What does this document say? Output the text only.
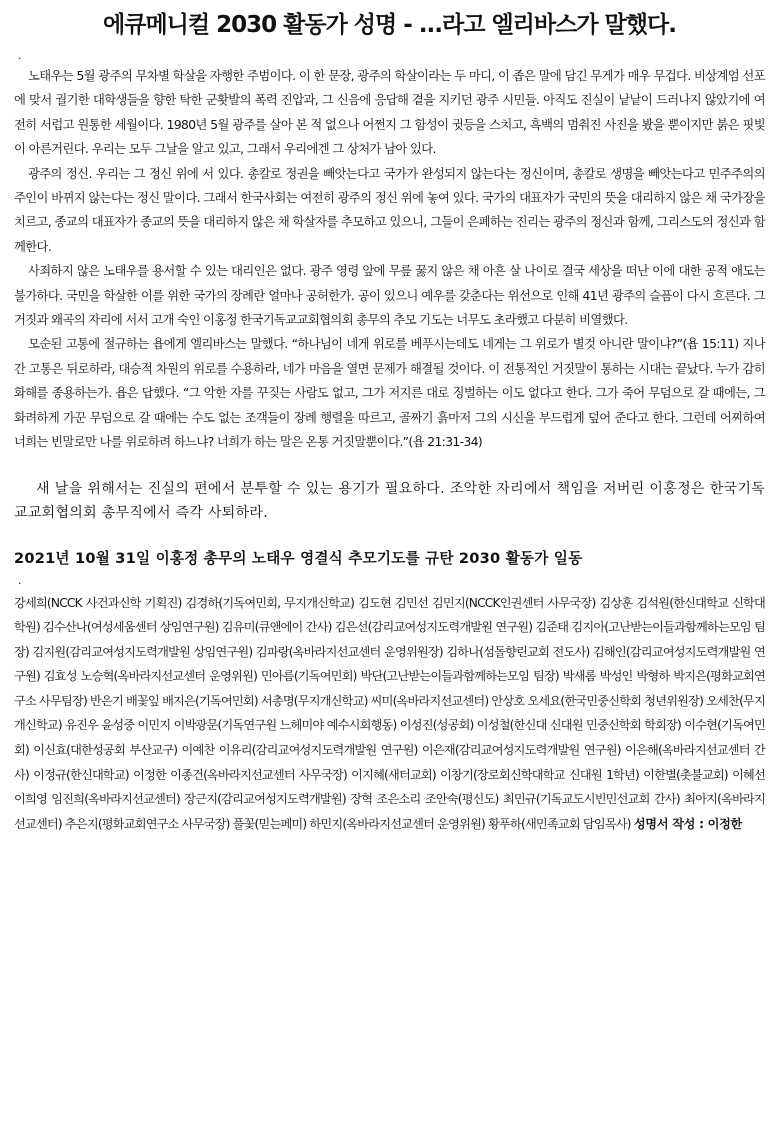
에큐메니컬 2030 활동가 성명 - ...라고 엘리바스가 말했다.
.

노태우는 5월 광주의 무차별 학살을 자행한 주범이다. 이 한 문장, 광주의 학살이라는 두 마디, 이 좁은 말에 담긴 무게가 매우 무겁다. 비상계엄 선포에 맞서 궐기한 대학생들을 향한 탁한 군홧발의 폭력 진압과, 그 신음에 응답해 곁을 지키던 광주 시민들. 아직도 진실이 낱낱이 드러나지 않았기에 여전히 서럽고 원통한 세월이다. 1980년 5월 광주를 살아 본 적 없으나 어쩐지 그 함성이 귓등을 스치고, 흑백의 멈춰진 사진을 봤을 뿐이지만 붉은 핏빛이 아른거린다. 우리는 모두 그날을 알고 있고, 그래서 우리에겐 그 상처가 남아 있다.

광주의 정신. 우리는 그 정신 위에 서 있다. 총칼로 정권을 빼앗는다고 국가가 완성되지 않는다는 정신이며, 총칼로 생명을 빼앗는다고 민주주의의 주인이 바뀌지 않는다는 정신 말이다. 그래서 한국사회는 여전히 광주의 정신 위에 놓여 있다. 국가의 대표자가 국민의 뜻을 대리하지 않은 채 국가장을 치르고, 종교의 대표자가 종교의 뜻을 대리하지 않은 채 학살자를 추모하고 있으니, 그들이 은폐하는 진리는 광주의 정신과 함께, 그리스도의 정신과 함께한다.

사죄하지 않은 노태우를 용서할 수 있는 대리인은 없다. 광주 영령 앞에 무릎 꿇지 않은 채 아흔 살 나이로 결국 세상을 떠난 이에 대한 공적 애도는 불가하다. 국민을 학살한 이를 위한 국가의 장례란 얼마나 공허한가. 공이 있으니 예우를 갖춘다는 위선으로 인해 41년 광주의 슬픔이 다시 흐른다. 그 거짓과 왜곡의 자리에 서서 고개 숙인 이홍정 한국기독교교회협의회 총무의 추모 기도는 너무도 초라했고 다분히 비열했다.

모순된 고통에 절규하는 욥에게 엘리바스는 말했다. “하나님이 네게 위로를 베푸시는데도 네게는 그 위로가 별것 아니란 말이냐?”(욥 15:11) 지나간 고통은 뒤로하라, 대승적 차원의 위로를 수용하라, 네가 마음을 열면 문제가 해결될 것이다. 이 전통적인 거짓말이 통하는 시대는 끝났다. 누가 감히 화해를 종용하는가. 욥은 답했다. “그 악한 자를 꾸짖는 사람도 없고, 그가 저지른 대로 징벌하는 이도 없다고 한다. 그가 죽어 무덤으로 갈 때에는, 그 화려하게 가꾼 무덤으로 갈 때에는 수도 없는 조객들이 장례 행렬을 따르고, 골짜기 흙마저 그의 시신을 부드럽게 덮어 준다고 한다. 그런데 어찌하여 너희는 빈말로만 나를 위로하려 하느냐? 너희가 하는 말은 온통 거짓말뿐이다.”(욥 21:31-34)

새 날을 위해서는 진실의 편에서 분투할 수 있는 용기가 필요하다. 조악한 자리에서 책임을 저버린 이홍정은 한국기독교교회협의회 총무직에서 즉각 사퇴하라.

2021년 10월 31일 이홍정 총무의 노태우 영결식 추모기도를 규탄 2030 활동가 일동
.

강세희(NCCK 사건과신학 기획진) 김경하(기독여민회, 무지개신학교) 김도현 김민선 김민지(NCCK인권센터 사무국장) 김상훈 김석원(한신대학교 신학대학원) 김수산나(여성세움센터 상임연구원) 김유미(큐앤에이 간사) 김은선(감리교여성지도력개발원 연구원) 김준태 김지아(고난받는이들과함께하는모임 팀장) 김지원(감리교여성지도력개발원 상임연구원) 김파랑(옥바라지선교센터 운영위원장) 김하나(섬돌향린교회 전도사) 김해인(감리교여성지도력개발원 연구원) 김효성 노승혁(옥바라지선교센터 운영위원) 민아름(기독여민회) 박단(고난받는이들과함께하는모임 팀장) 박새롬 박성인 박형하 박지은(평화교회연구소 사무팀장) 반은기 배꽃잎 배지은(기독여민회) 서총명(무지개신학교) 씨미(옥바라지선교센터) 안상호 오세요(한국민중신학회 청년위원장) 오세찬(무지개신학교) 유진우 윤성중 이민지 이박광문(기독연구원 느헤미야 예수시회행동) 이성진(성공회) 이성철(한신대 신대원 민중신학회 학회장) 이수현(기독여민회) 이신효(대한성공회 부산교구) 이예찬 이유리(감리교여성지도력개발원 연구원) 이은재(감리교여성지도력개발원 연구원) 이은해(옥바라지선교센터 간사) 이정규(한신대학교) 이정한 이종건(옥바라지선교센터 사무국장) 이지혜(새터교회) 이창기(장로회신학대학교 신대원 1학년) 이한별(촛불교회) 이혜선 이희영 임진희(옥바라지선교센터) 장근지(감리교여성지도력개발원) 장혁 조은소리 조안숙(평신도) 최민규(기독교도시빈민선교회 간사) 최아지(옥바라지선교센터) 추은지(평화교회연구소 사무국장) 풀꽃(믿는페미) 하민지(옥바라지선교센터 운영위원) 황푸하(새민족교회 담임목사) 성명서 작성 : 이정한
